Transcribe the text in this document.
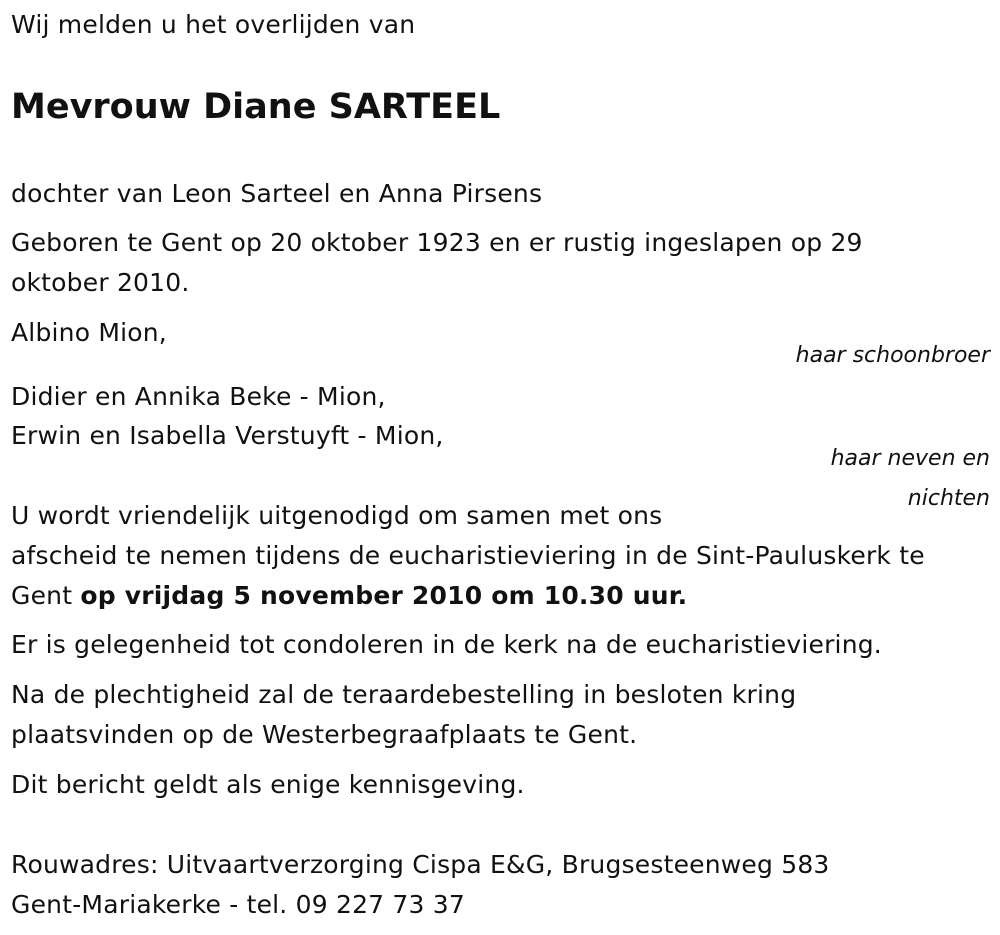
Wij melden u het overlijden van
Mevrouw Diane SARTEEL
dochter van Leon Sarteel en Anna Pirsens
Geboren te Gent op 20 oktober 1923 en er rustig ingeslapen op 29
oktober 2010.
Albino Mion,
haar schoonbroer
Didier en Annika Beke - Mion,
Erwin en Isabella Verstuyft - Mion,
haar neven en
nichten
U wordt vriendelijk uitgenodigd om samen met ons
afscheid te nemen tijdens de eucharistieviering in de Sint-Pauluskerk te
Gent op vrijdag 5 november 2010 om 10.30 uur.
Er is gelegenheid tot condoleren in de kerk na de eucharistieviering.
Na de plechtigheid zal de teraardebestelling in besloten kring
plaatsvinden op de Westerbegraafplaats te Gent.
Dit bericht geldt als enige kennisgeving.
Rouwadres: Uitvaartverzorging Cispa E&G, Brugsesteenweg 583
Gent-Mariakerke - tel. 09 227 73 37
